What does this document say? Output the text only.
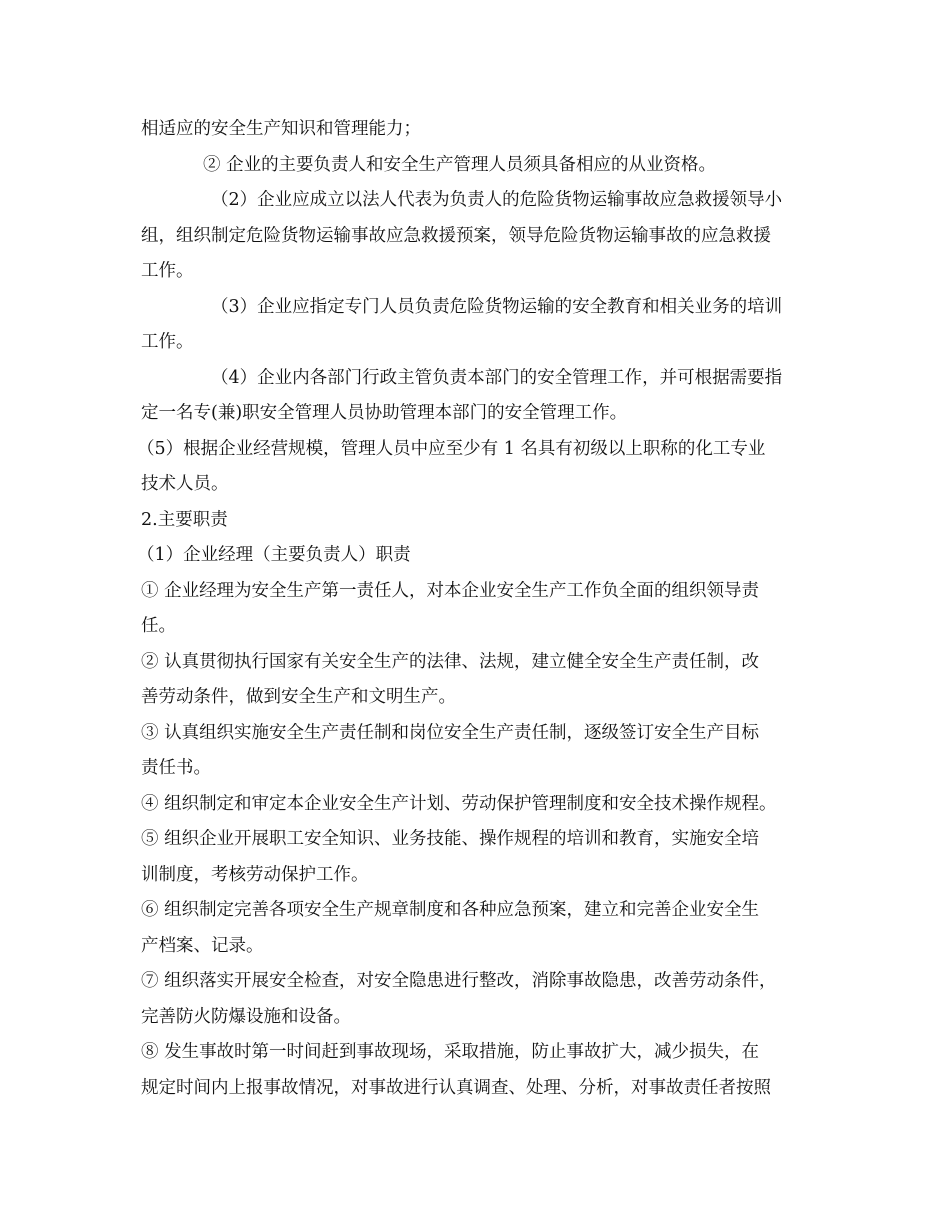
相适应的安全生产知识和管理能力；
② 企业的主要负责人和安全生产管理人员须具备相应的从业资格。
（2）企业应成立以法人代表为负责人的危险货物运输事故应急救援领导小
组，组织制定危险货物运输事故应急救援预案，领导危险货物运输事故的应急救援
工作。
（3）企业应指定专门人员负责危险货物运输的安全教育和相关业务的培训
工作。
（4）企业内各部门行政主管负责本部门的安全管理工作，并可根据需要指
定一名专(兼)职安全管理人员协助管理本部门的安全管理工作。
（5）根据企业经营规模，管理人员中应至少有 1 名具有初级以上职称的化工专业
技术人员。
2.主要职责
（1）企业经理（主要负责人）职责
① 企业经理为安全生产第一责任人，对本企业安全生产工作负全面的组织领导责
任。
② 认真贯彻执行国家有关安全生产的法律、法规，建立健全安全生产责任制，改
善劳动条件，做到安全生产和文明生产。
③ 认真组织实施安全生产责任制和岗位安全生产责任制，逐级签订安全生产目标
责任书。
④ 组织制定和审定本企业安全生产计划、劳动保护管理制度和安全技术操作规程。
⑤ 组织企业开展职工安全知识、业务技能、操作规程的培训和教育，实施安全培
训制度，考核劳动保护工作。
⑥ 组织制定完善各项安全生产规章制度和各种应急预案，建立和完善企业安全生
产档案、记录。
⑦ 组织落实开展安全检查，对安全隐患进行整改，消除事故隐患，改善劳动条件，
完善防火防爆设施和设备。
⑧ 发生事故时第一时间赶到事故现场，采取措施，防止事故扩大，减少损失，在
规定时间内上报事故情况，对事故进行认真调查、处理、分析，对事故责任者按照
